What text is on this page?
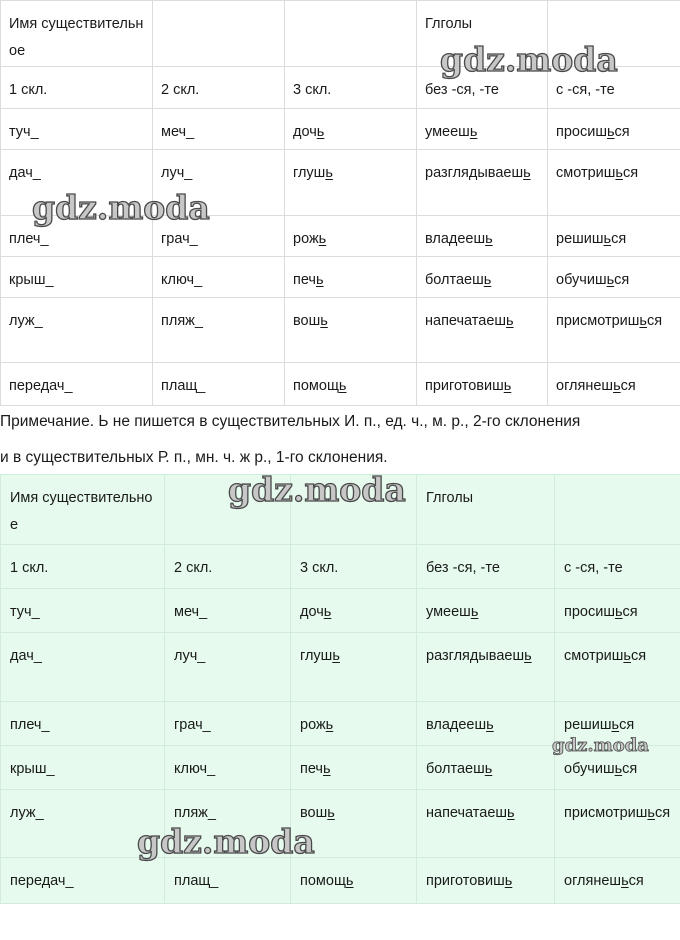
Имя существительное			Глголы	
1 скл.	2 скл.	3 скл.	без -ся, -те	с -ся, -те
туч_	меч_	дочь	умеешь	просишься
дач_	луч_	глушь	разглядываешь	смотришься
плеч_	грач_	рожь	владеешь	решишься
крыш_	ключ_	печь	болтаешь	обучишься
луж_	пляж_	вошь	напечатаешь	присмотришься
передач_	плащ_	помощь	приготовишь	оглянешься

Примечание. Ь не пишется в существительных И. п., ед. ч., м. р., 2-го склонения

и в существительных Р. п., мн. ч. ж р., 1-го склонения.

Имя существительное			Глголы	
1 скл.	2 скл.	3 скл.	без -ся, -те	с -ся, -те
туч_	меч_	дочь	умеешь	просишься
дач_	луч_	глушь	разглядываешь	смотришься
плеч_	грач_	рожь	владеешь	решишься
крыш_	ключ_	печь	болтаешь	обучишься
луж_	пляж_	вошь	напечатаешь	присмотришься
передач_	плащ_	помощь	приготовишь	оглянешься
gdz.moda
gdz.moda
gdz.moda
gdz.moda
gdz.moda
